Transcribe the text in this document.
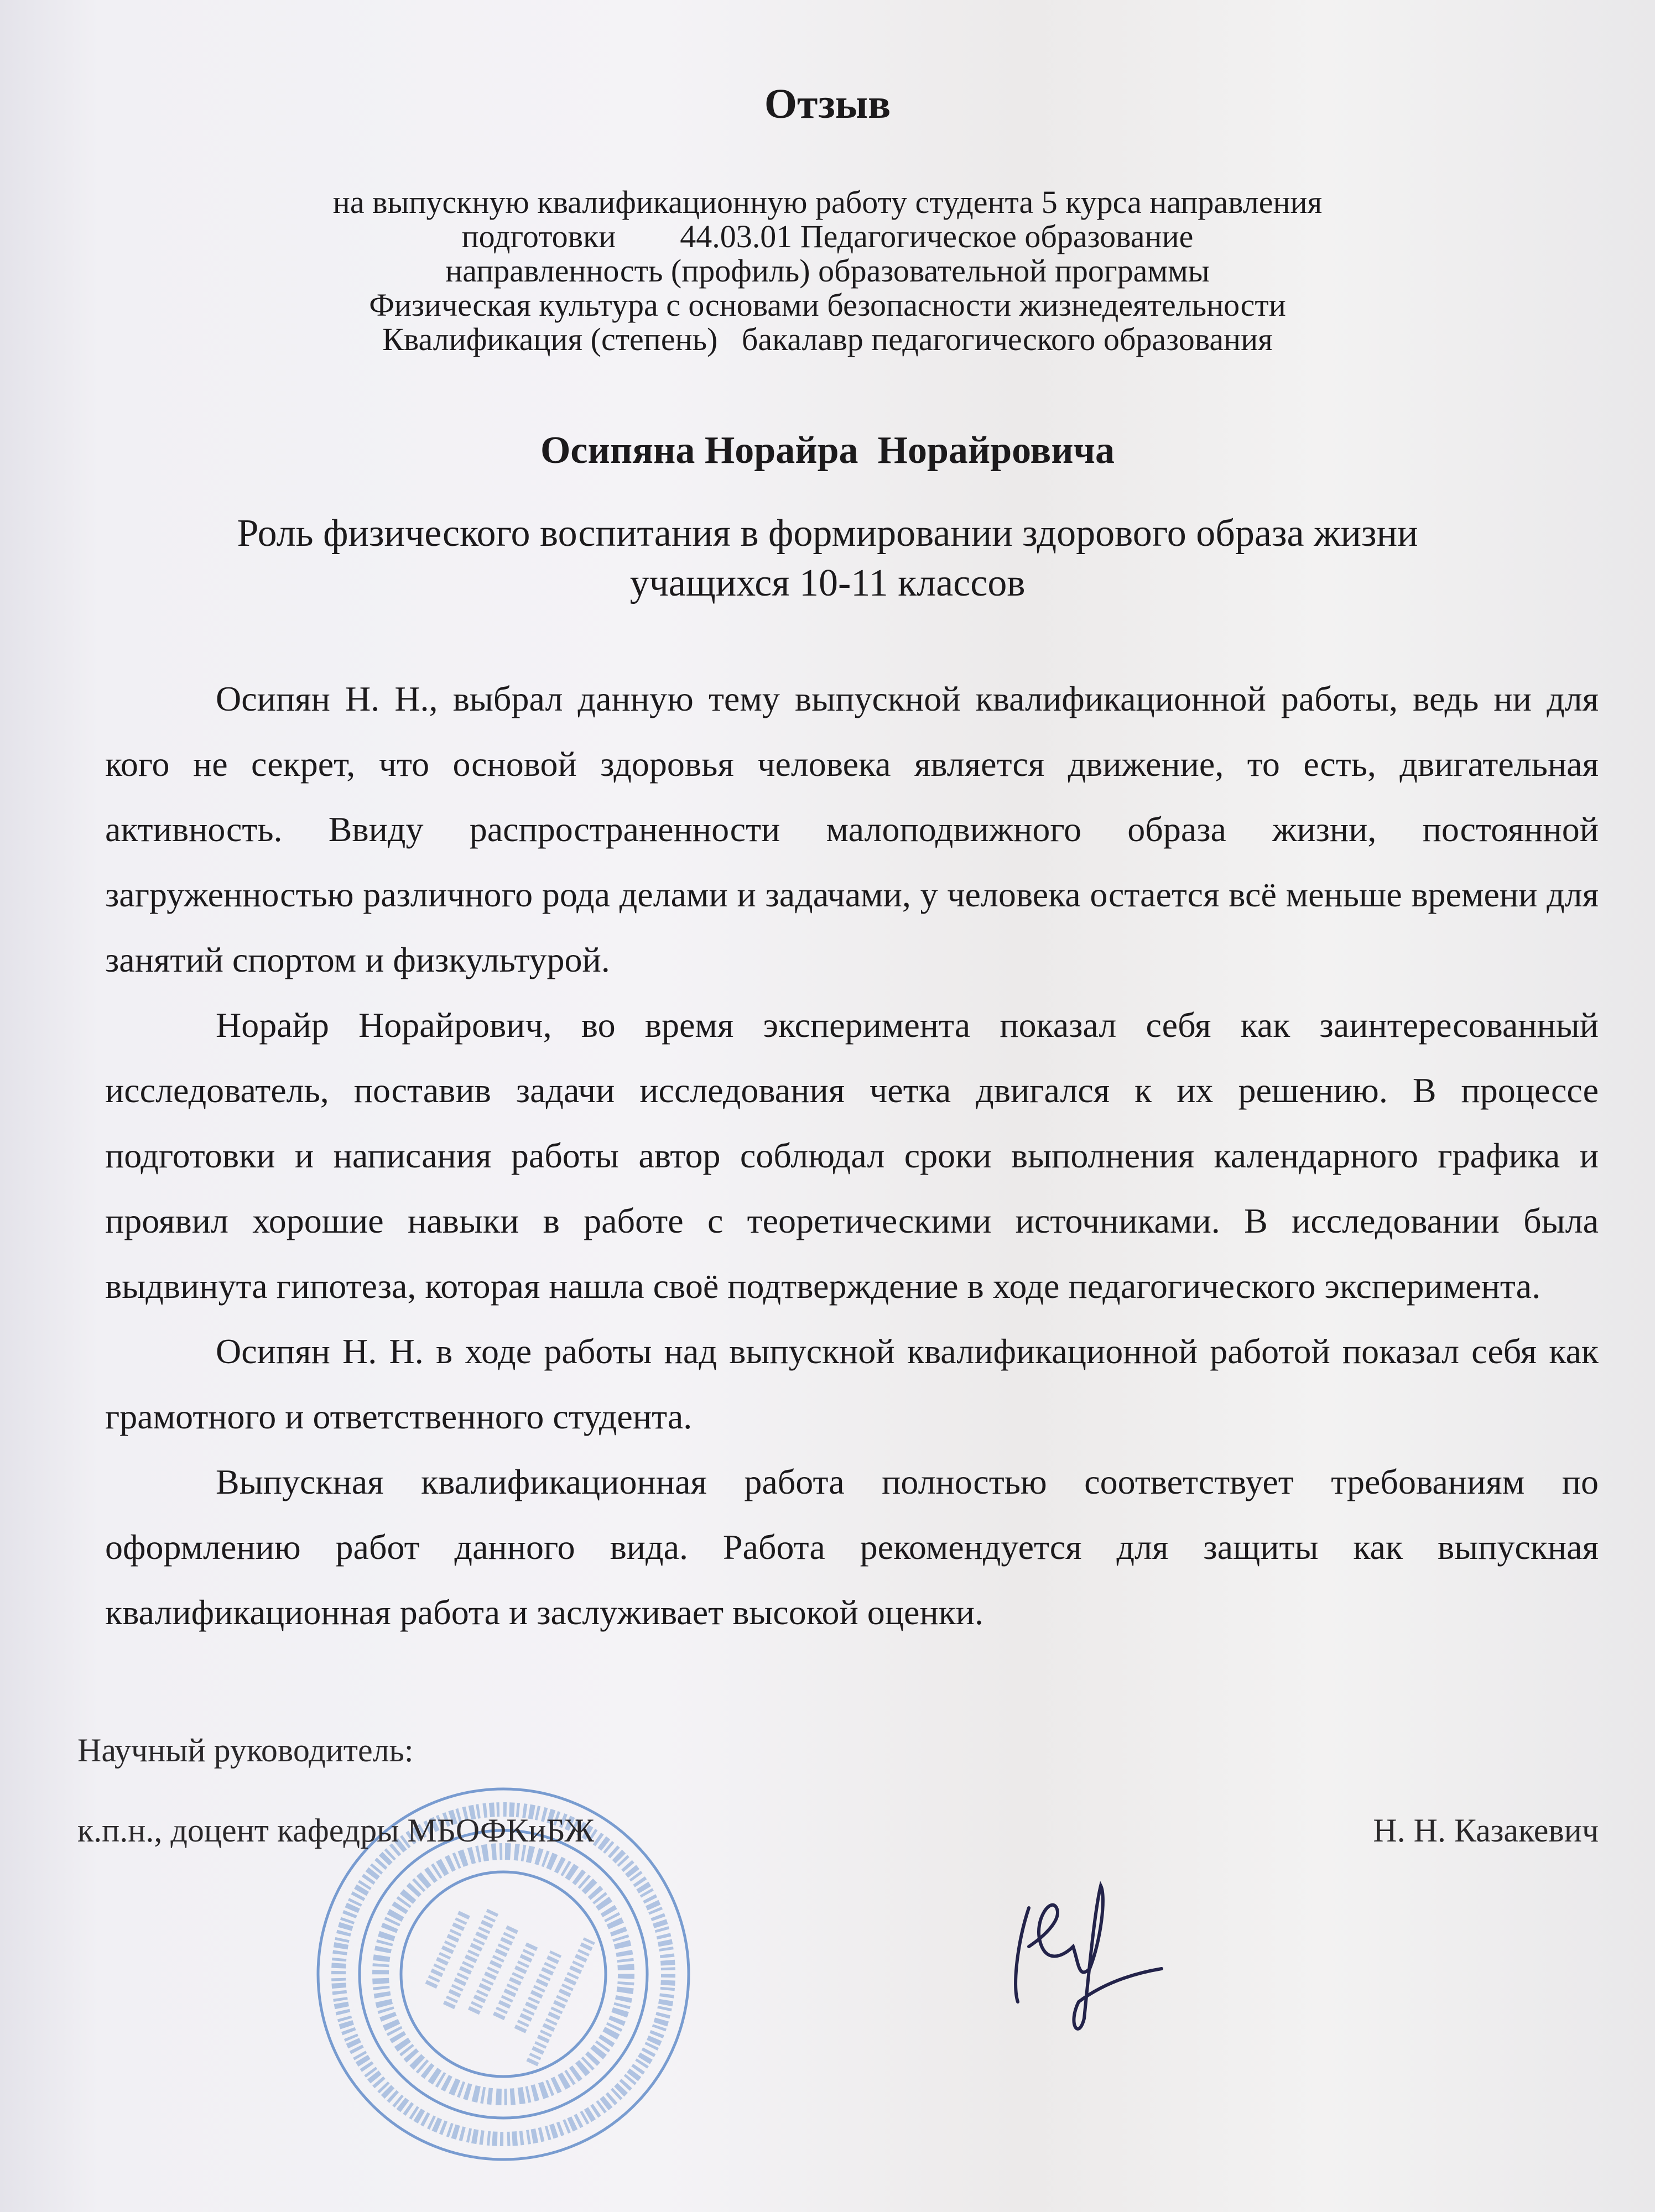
Отзыв
на выпускную квалификационную работу студента 5 курса направления
подготовки        44.03.01 Педагогическое образование
направленность (профиль) образовательной программы
Физическая культура с основами безопасности жизнедеятельности
Квалификация (степень)   бакалавр педагогического образования
Осипяна Норайра  Норайровича
Роль физического воспитания в формировании здорового образа жизни
учащихся 10-11 классов

Осипян Н. Н., выбрал данную тему выпускной квалификационной работы, ведь ни для кого не секрет, что основой здоровья человека является движение, то есть, двигательная активность. Ввиду распространенности малоподвижного образа жизни, постоянной загруженностью различного рода делами и задачами, у человека остается всё меньше времени для занятий спортом и физкультурой.

Норайр Норайрович, во время эксперимента показал себя как заинтересованный исследователь, поставив задачи исследования четка двигался к их решению. В процессе подготовки и написания работы автор соблюдал сроки выполнения календарного графика и проявил хорошие навыки в работе с теоретическими источниками. В исследовании была выдвинута гипотеза, которая нашла своё подтверждение в ходе педагогического эксперимента.

Осипян Н. Н. в ходе работы над выпускной квалификационной работой показал себя как грамотного и ответственного студента.

Выпускная квалификационная работа полностью соответствует требованиям по оформлению работ данного вида. Работа рекомендуется для защиты как выпускная квалификационная работа и заслуживает высокой оценки.

Научный руководитель:
к.п.н., доцент кафедры МБОФКиБЖ	Н. Н. Казакевич
